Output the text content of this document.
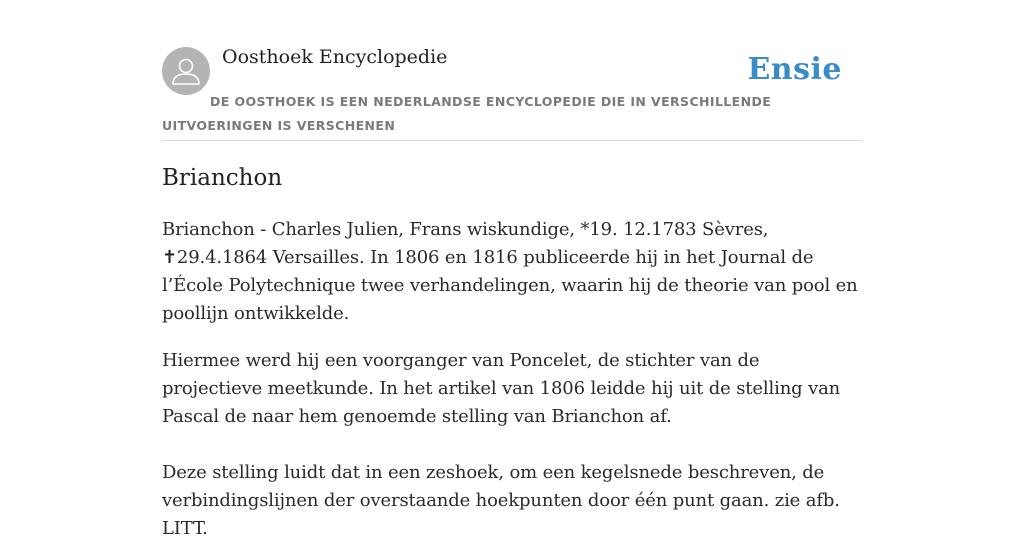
Oosthoek Encyclopedie	Ensie
DE OOSTHOEK IS EEN NEDERLANDSE ENCYCLOPEDIE DIE IN VERSCHILLENDE UITVOERINGEN IS VERSCHENEN
Brianchon

Brianchon - Charles Julien, Frans wiskundige, *19. 12.1783 Sèvres, ✝29.4.1864 Versailles. In 1806 en 1816 publiceerde hij in het Journal de l’École Polytechnique twee verhandelingen, waarin hij de theorie van pool en poollijn ontwikkelde.

Hiermee werd hij een voorganger van Poncelet, de stichter van de projectieve meetkunde. In het artikel van 1806 leidde hij uit de stelling van Pascal de naar hem genoemde stelling van Brianchon af.

Deze stelling luidt dat in een zeshoek, om een kegelsnede beschreven, de verbindingslijnen der overstaande hoekpunten door één punt gaan. zie afb. LITT.
